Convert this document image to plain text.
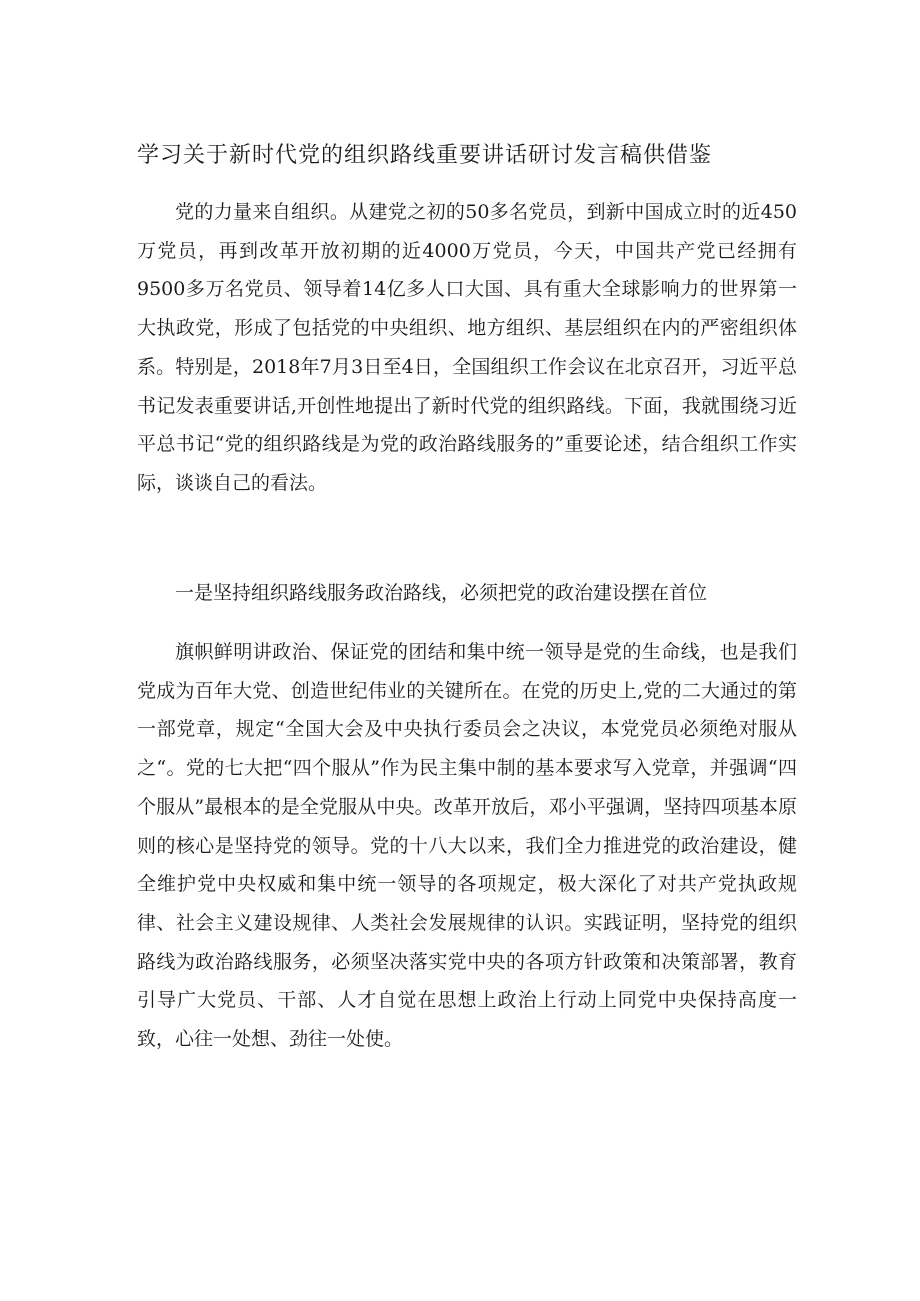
学习关于新时代党的组织路线重要讲话研讨发言稿供借鉴

党的力量来自组织。从建党之初的50多名党员，到新中国成立时的近450万党员，再到改革开放初期的近4000万党员，今天，中国共产党已经拥有9500多万名党员、领导着14亿多人口大国、具有重大全球影响力的世界第一大执政党，形成了包括党的中央组织、地方组织、基层组织在内的严密组织体系。特别是，2018年7月3日至4日，全国组织工作会议在北京召开，习近平总书记发表重要讲话,开创性地提出了新时代党的组织路线。下面，我就围绕习近平总书记“党的组织路线是为党的政治路线服务的”重要论述，结合组织工作实际，谈谈自己的看法。

一是坚持组织路线服务政治路线，必须把党的政治建设摆在首位

旗帜鲜明讲政治、保证党的团结和集中统一领导是党的生命线，也是我们党成为百年大党、创造世纪伟业的关键所在。在党的历史上,党的二大通过的第一部党章，规定“全国大会及中央执行委员会之决议，本党党员必须绝对服从之“。党的七大把“四个服从”作为民主集中制的基本要求写入党章，并强调“四个服从”最根本的是全党服从中央。改革开放后，邓小平强调，坚持四项基本原则的核心是坚持党的领导。党的十八大以来，我们全力推进党的政治建设，健全维护党中央权威和集中统一领导的各项规定，极大深化了对共产党执政规律、社会主义建设规律、人类社会发展规律的认识。实践证明，坚持党的组织路线为政治路线服务，必须坚决落实党中央的各项方针政策和决策部署，教育引导广大党员、干部、人才自觉在思想上政治上行动上同党中央保持高度一致，心往一处想、劲往一处使。
